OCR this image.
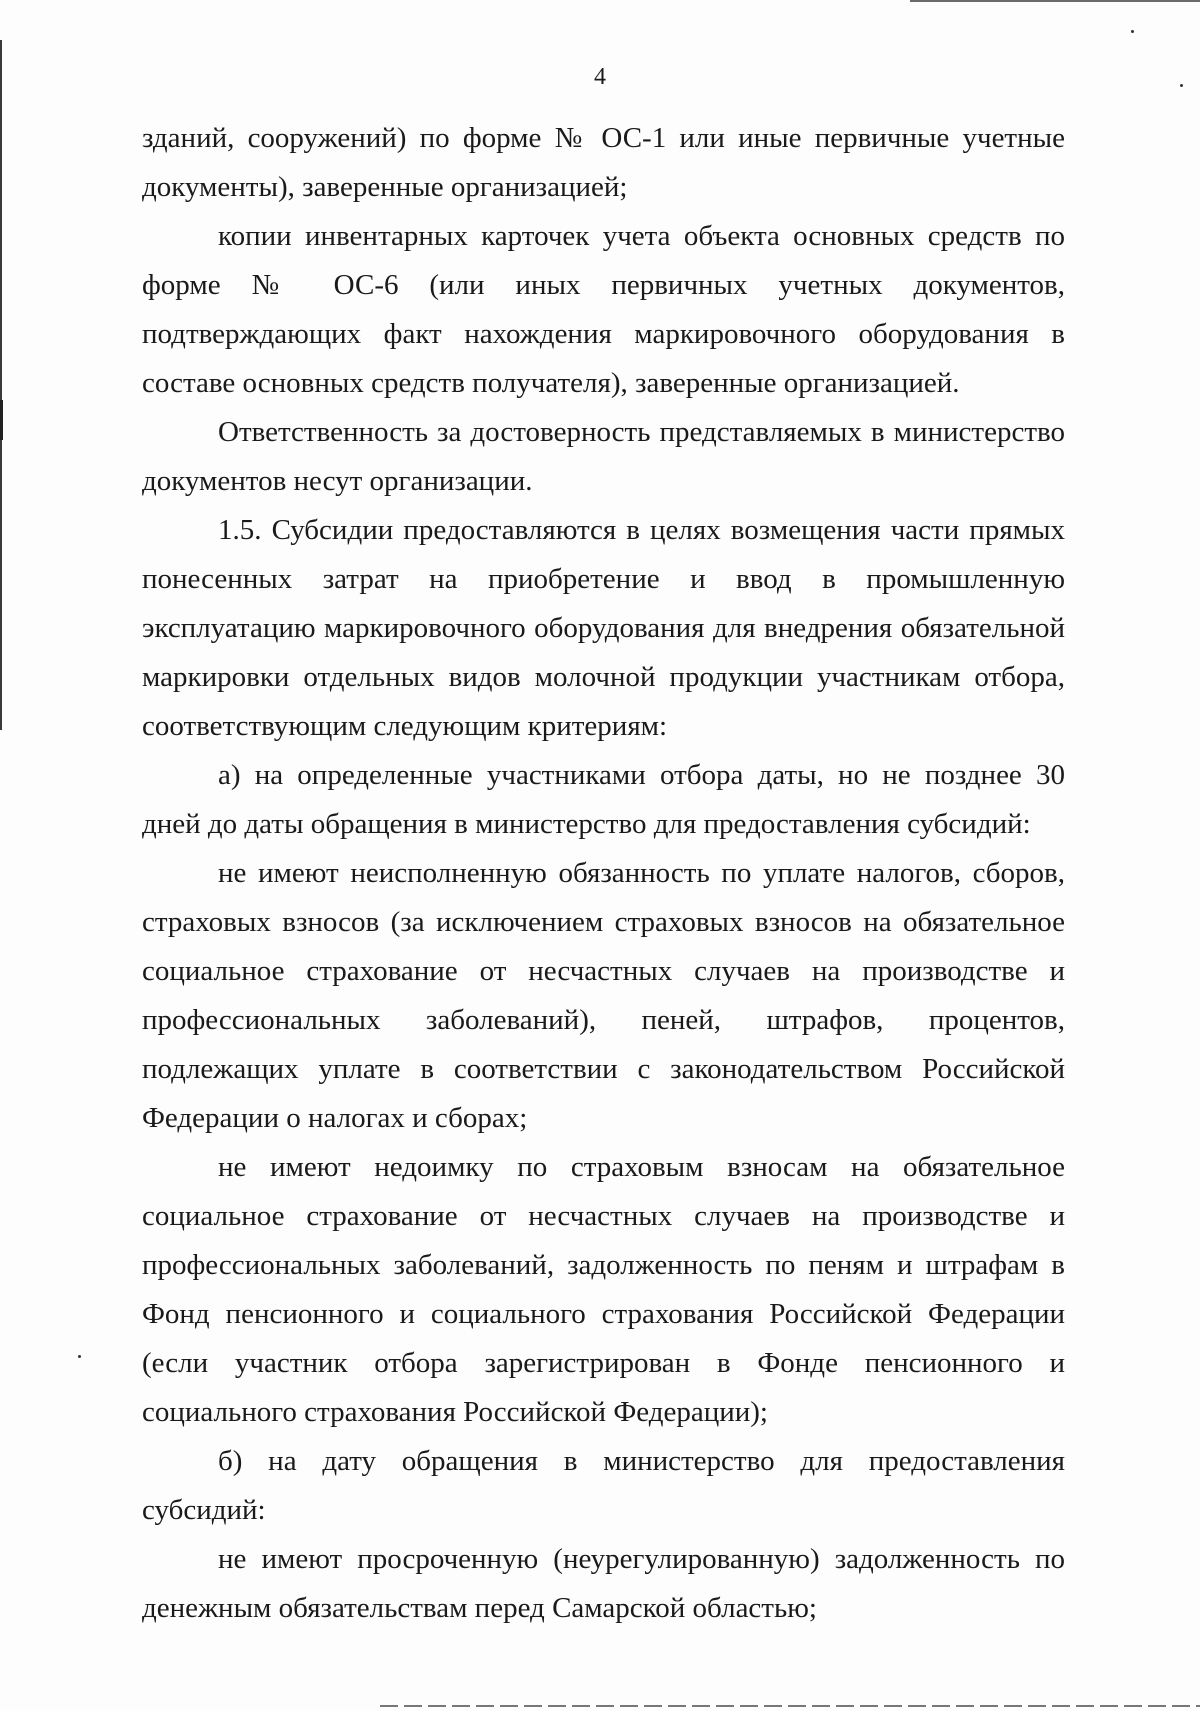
4

зданий, сооружений) по форме № ОС-1 или иные первичные учетные документы), заверенные организацией;

копии инвентарных карточек учета объекта основных средств по форме № ОС-6 (или иных первичных учетных документов, подтверждающих факт нахождения маркировочного оборудования в составе основных средств получателя), заверенные организацией.

Ответственность за достоверность представляемых в министерство документов несут организации.

1.5. Субсидии предоставляются в целях возмещения части прямых понесенных затрат на приобретение и ввод в промышленную эксплуатацию маркировочного оборудования для внедрения обязательной маркировки отдельных видов молочной продукции участникам отбора, соответствующим следующим критериям:

а) на определенные участниками отбора даты, но не позднее 30 дней до даты обращения в министерство для предоставления субсидий:

не имеют неисполненную обязанность по уплате налогов, сборов, страховых взносов (за исключением страховых взносов на обязательное социальное страхование от несчастных случаев на производстве и профессиональных заболеваний), пеней, штрафов, процентов, подлежащих уплате в соответствии с законодательством Российской Федерации о налогах и сборах;

не имеют недоимку по страховым взносам на обязательное социальное страхование от несчастных случаев на производстве и профессиональных заболеваний, задолженность по пеням и штрафам в Фонд пенсионного и социального страхования Российской Федерации (если участник отбора зарегистрирован в Фонде пенсионного и социального страхования Российской Федерации);

б) на дату обращения в министерство для предоставления субсидий:

не имеют просроченную (неурегулированную) задолженность по денежным обязательствам перед Самарской областью;
